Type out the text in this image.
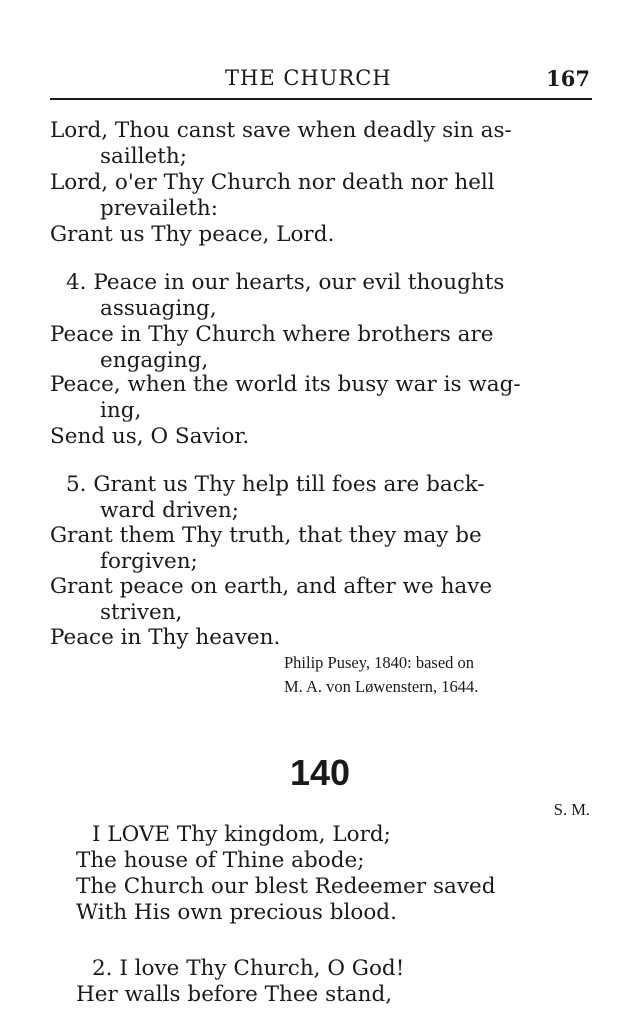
THE CHURCH	167
Lord, Thou canst save when deadly sin as-
sailleth;
Lord, o'er Thy Church nor death nor hell
prevaileth:
Grant us Thy peace, Lord.
4. Peace in our hearts, our evil thoughts
assuaging,
Peace in Thy Church where brothers are
engaging,
Peace, when the world its busy war is wag-
ing,
Send us, O Savior.
5. Grant us Thy help till foes are back-
ward driven;
Grant them Thy truth, that they may be
forgiven;
Grant peace on earth, and after we have
striven,
Peace in Thy heaven.
Philip Pusey, 1840: based on
M. A. von Løwenstern, 1644.
140
S. M.
I LOVE Thy kingdom, Lord;
The house of Thine abode;
The Church our blest Redeemer saved
With His own precious blood.
2. I love Thy Church, O God!
Her walls before Thee stand,
